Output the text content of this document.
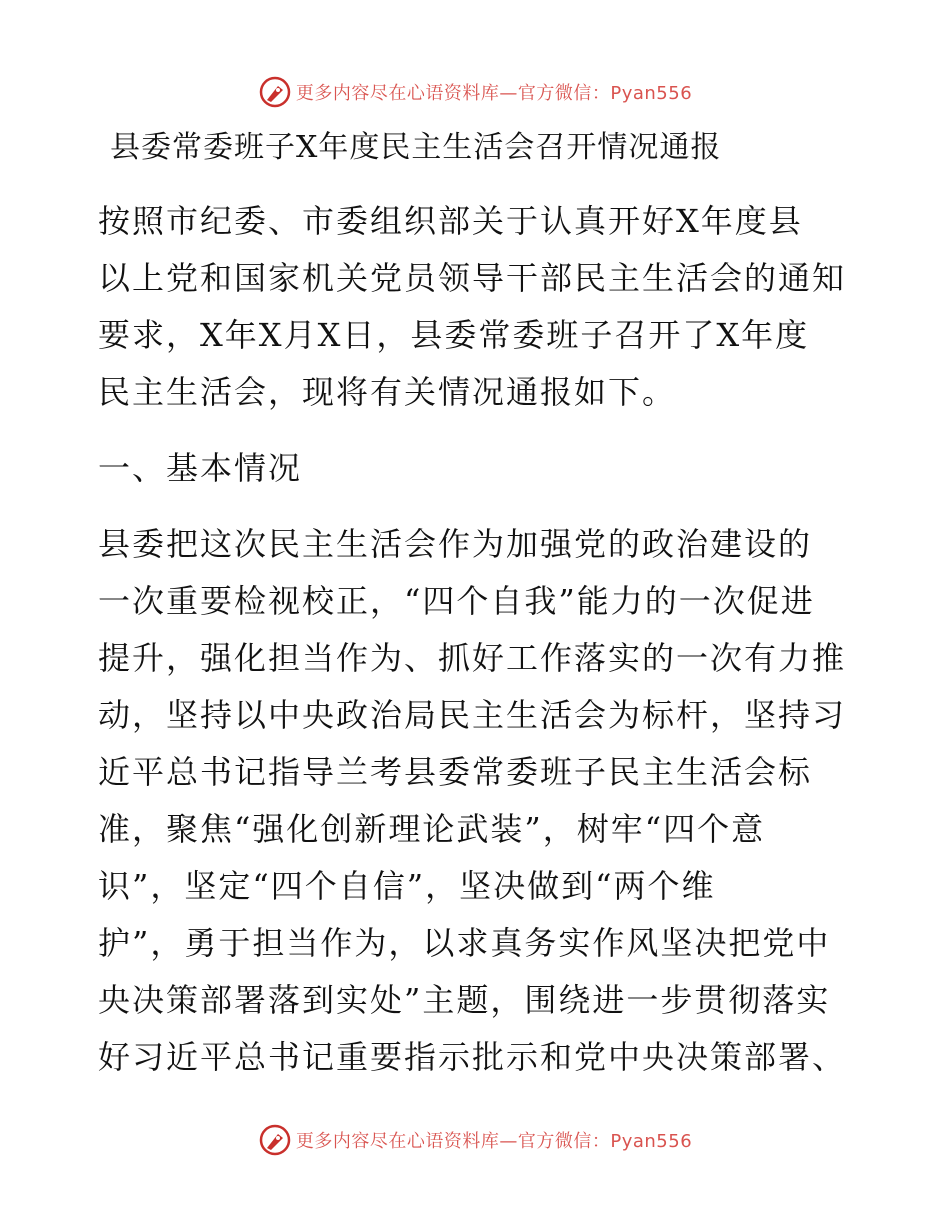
更多内容尽在心语资料库—官方微信：Pyan556
县委常委班子X年度民主生活会召开情况通报
按照市纪委、市委组织部关于认真开好X年度县
以上党和国家机关党员领导干部民主生活会的通知
要求，X年X月X日，县委常委班子召开了X年度
民主生活会，现将有关情况通报如下。
一、基本情况
县委把这次民主生活会作为加强党的政治建设的
一次重要检视校正，“四个自我”能力的一次促进
提升，强化担当作为、抓好工作落实的一次有力推
动，坚持以中央政治局民主生活会为标杆，坚持习
近平总书记指导兰考县委常委班子民主生活会标
准，聚焦“强化创新理论武装”，树牢“四个意
识”，坚定“四个自信”，坚决做到“两个维
护”，勇于担当作为，以求真务实作风坚决把党中
央决策部署落到实处”主题，围绕进一步贯彻落实
好习近平总书记重要指示批示和党中央决策部署、
更多内容尽在心语资料库—官方微信：Pyan556
